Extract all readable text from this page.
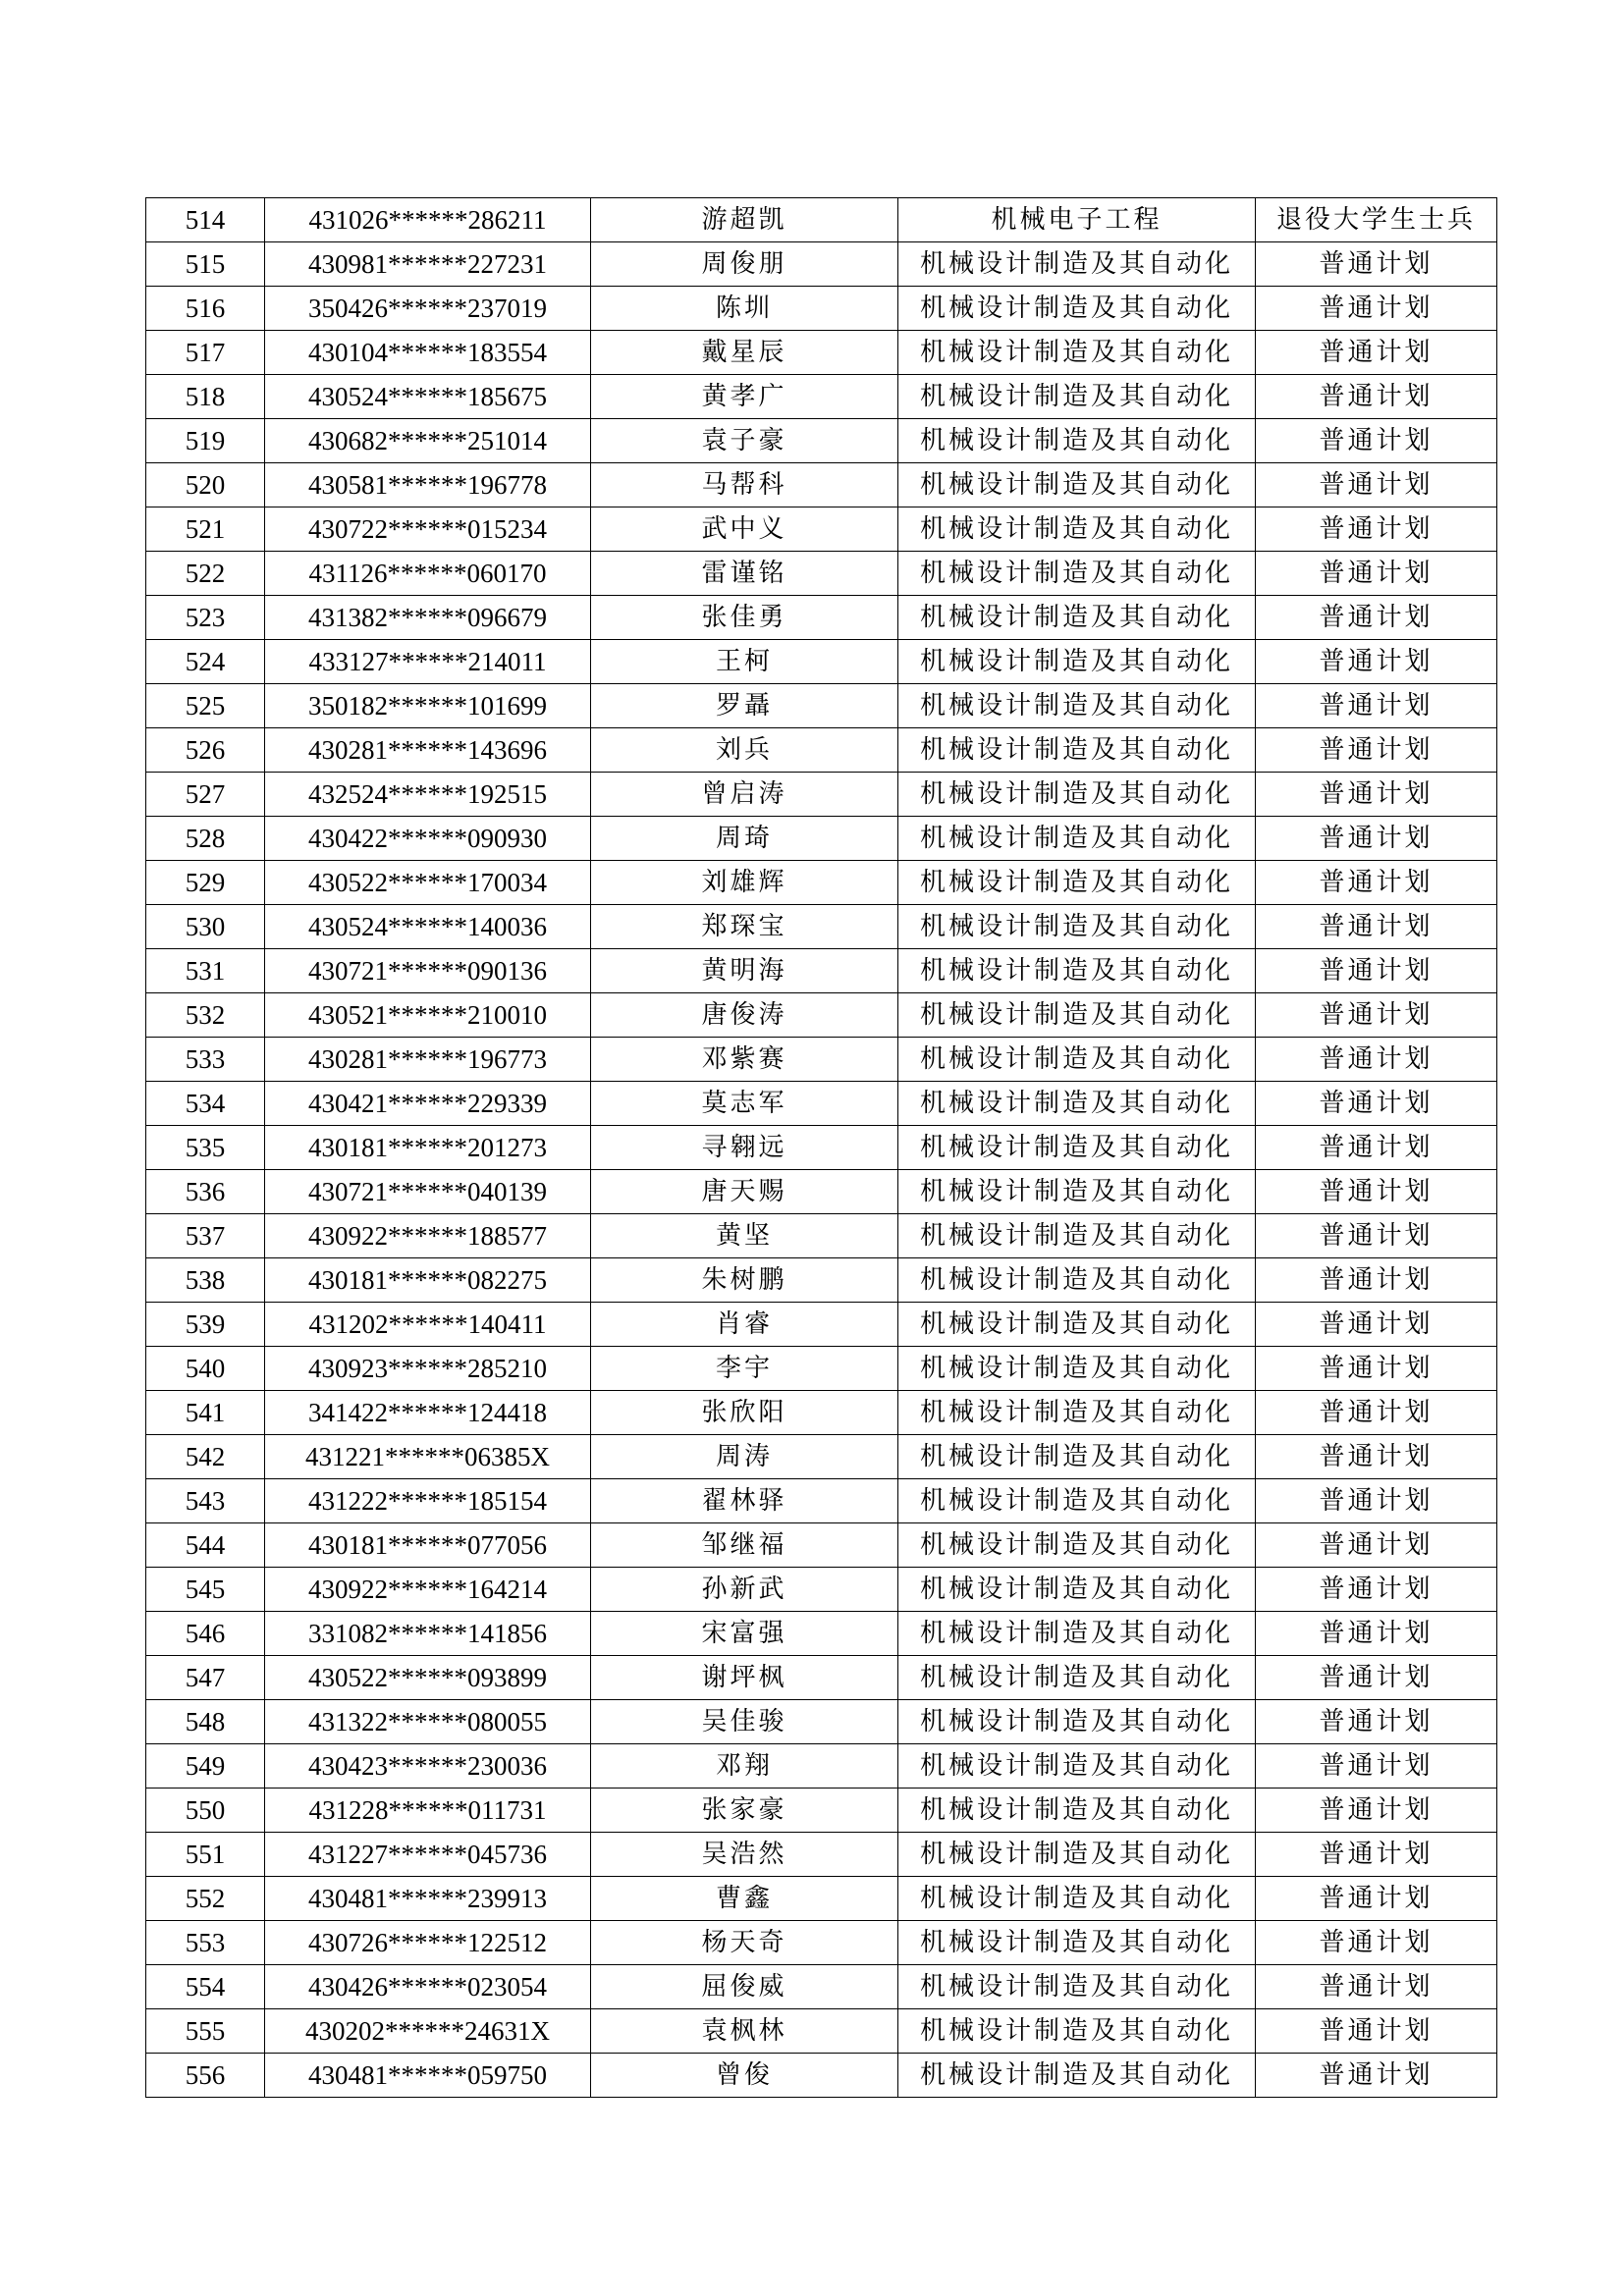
514	431026******286211	游超凯	机械电子工程	退役大学生士兵
515	430981******227231	周俊朋	机械设计制造及其自动化	普通计划
516	350426******237019	陈圳	机械设计制造及其自动化	普通计划
517	430104******183554	戴星辰	机械设计制造及其自动化	普通计划
518	430524******185675	黄孝广	机械设计制造及其自动化	普通计划
519	430682******251014	袁子豪	机械设计制造及其自动化	普通计划
520	430581******196778	马帮科	机械设计制造及其自动化	普通计划
521	430722******015234	武中义	机械设计制造及其自动化	普通计划
522	431126******060170	雷谨铭	机械设计制造及其自动化	普通计划
523	431382******096679	张佳勇	机械设计制造及其自动化	普通计划
524	433127******214011	王柯	机械设计制造及其自动化	普通计划
525	350182******101699	罗聶	机械设计制造及其自动化	普通计划
526	430281******143696	刘兵	机械设计制造及其自动化	普通计划
527	432524******192515	曾启涛	机械设计制造及其自动化	普通计划
528	430422******090930	周琦	机械设计制造及其自动化	普通计划
529	430522******170034	刘雄辉	机械设计制造及其自动化	普通计划
530	430524******140036	郑琛宝	机械设计制造及其自动化	普通计划
531	430721******090136	黄明海	机械设计制造及其自动化	普通计划
532	430521******210010	唐俊涛	机械设计制造及其自动化	普通计划
533	430281******196773	邓紫赛	机械设计制造及其自动化	普通计划
534	430421******229339	莫志军	机械设计制造及其自动化	普通计划
535	430181******201273	寻翱远	机械设计制造及其自动化	普通计划
536	430721******040139	唐天赐	机械设计制造及其自动化	普通计划
537	430922******188577	黄坚	机械设计制造及其自动化	普通计划
538	430181******082275	朱树鹏	机械设计制造及其自动化	普通计划
539	431202******140411	肖睿	机械设计制造及其自动化	普通计划
540	430923******285210	李宇	机械设计制造及其自动化	普通计划
541	341422******124418	张欣阳	机械设计制造及其自动化	普通计划
542	431221******06385X	周涛	机械设计制造及其自动化	普通计划
543	431222******185154	翟林驿	机械设计制造及其自动化	普通计划
544	430181******077056	邹继福	机械设计制造及其自动化	普通计划
545	430922******164214	孙新武	机械设计制造及其自动化	普通计划
546	331082******141856	宋富强	机械设计制造及其自动化	普通计划
547	430522******093899	谢坪枫	机械设计制造及其自动化	普通计划
548	431322******080055	吴佳骏	机械设计制造及其自动化	普通计划
549	430423******230036	邓翔	机械设计制造及其自动化	普通计划
550	431228******011731	张家豪	机械设计制造及其自动化	普通计划
551	431227******045736	吴浩然	机械设计制造及其自动化	普通计划
552	430481******239913	曹鑫	机械设计制造及其自动化	普通计划
553	430726******122512	杨天奇	机械设计制造及其自动化	普通计划
554	430426******023054	屈俊威	机械设计制造及其自动化	普通计划
555	430202******24631X	袁枫林	机械设计制造及其自动化	普通计划
556	430481******059750	曾俊	机械设计制造及其自动化	普通计划
